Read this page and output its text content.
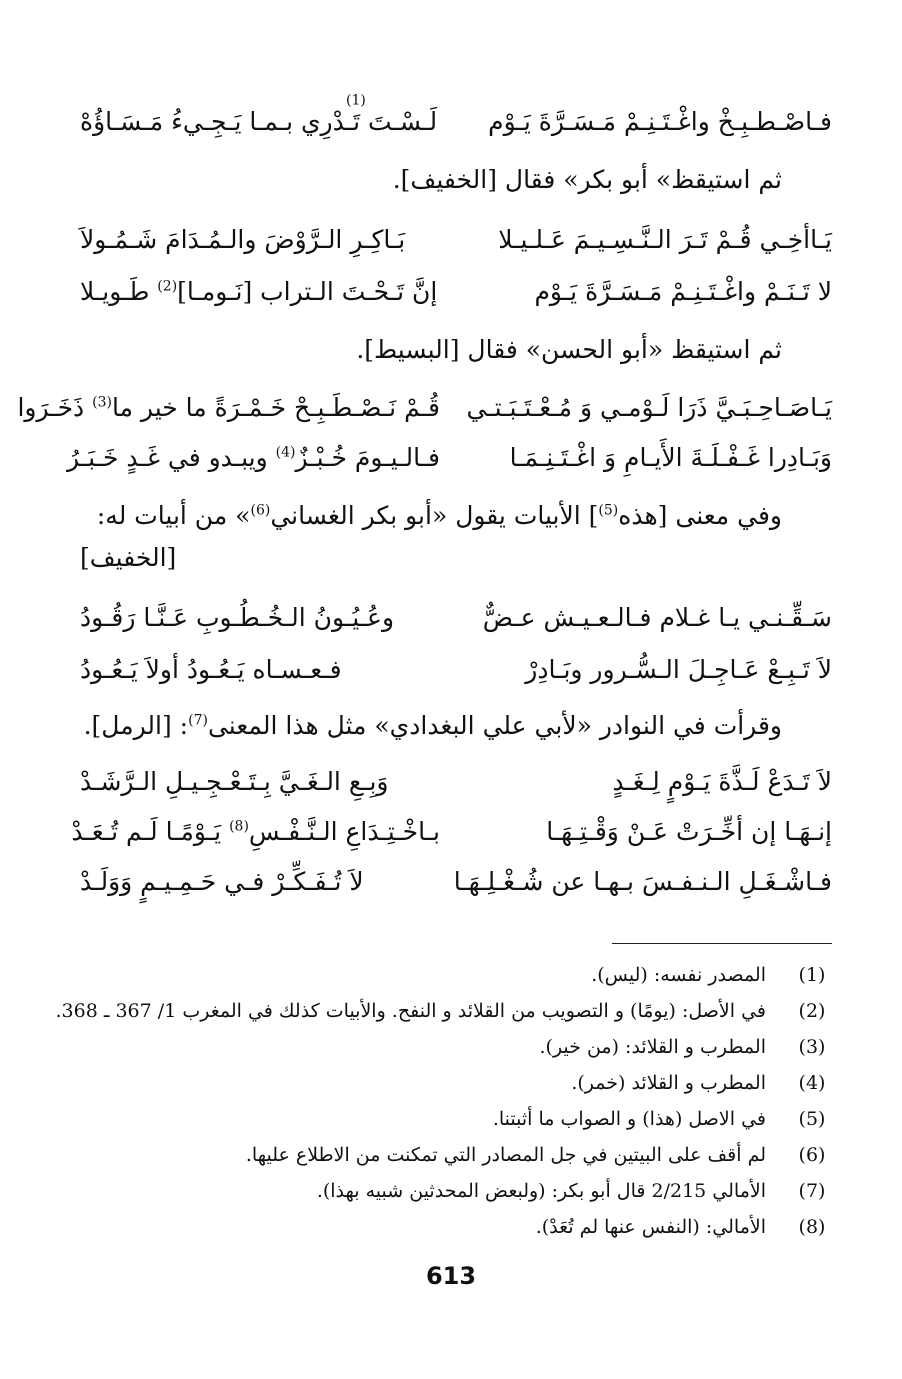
فـاصْـطـبِـخْ واغْـتَـنِـمْ مَـسَـرَّةَ يَـوْم
لَـسْـتَ تَـدْرِي بـمـا يَـجِـيءُ مَـسَـاؤُهْ
$^{(1)}$
ثم استيقظ» أبو بكر» فقال [الخفيف].
يَـاأخِـي قُـمْ تَـرَ الـنَّـسِـيـمَ عَـلـيـلا
بَـاكِـرِ الـرَّوْضَ والـمُـدَامَ شَـمُـولاَ
لا تَـنَـمْ واغْـتَـنِـمْ مَـسَـرَّةَ يَـوْم
إنَّ تَـحْـتَ الـتراب [نَـومـا]$^{(2)}$ طَـويـلا
ثم استيقظ «أبو الحسن» فقال [البسيط].
يَـاصَـاحِـبَـيَّ ذَرَا لَـوْمـي وَ مُـعْـتَـبَـتـي
قُـمْ نَـصْـطَـبِـحْ خَـمْـرَةً ما خير ما$^{(3)}$ ذَخَـرَوا
وَبَـادِرا غَـفْـلَـةَ الأَيـامِ وَ اغْـتَـنِـمَـا
فـالـيـومَ خُـبْـزٌ$^{(4)}$ ويبـدو في غَـدٍ خَـبَـرُ
وفي معنى [هذه$^{(5)}$] الأبيات يقول «أبو بكر الغساني$^{(6)}$» من أبيات له:
[الخفيف]
سَـقِّـنـي يـا غـلام فـالـعـيـش عـضٌّ
وعُـيُـونُ الـخُـطُـوبِ عَـنَّـا رَقُـودُ
لاَ تَـبِـعْ عَـاجِـلَ الـسُّـرور وبَـادِرْ
فـعـسـاه يَـعُـودُ أولاَ يَـعُـودُ
وقرأت في النوادر «لأبي علي البغدادي» مثل هذا المعنى$^{(7)}$: [الرمل].
لاَ تَـدَعْ لَـذَّةَ يَـوْمٍ لِـغَـدٍ
وَبِـعِ الـغَـيَّ بِـتَـعْـجِـيـلِ الـرَّشَـدْ
إنـهَـا إن أخِّـرَتْ عَـنْ وَقْـتِـهَـا
بـاخْـتِـدَاعِ الـنَّـفْـسِ$^{(8)}$ يَـوْمًـا لَـم تُـعَـدْ
فـاشْـغَـلِ الـنـفـسَ بـهـا عن شُـغْـلِـهَـا
لاَ تُـفَـكِّـرْ فـي حَـمِـيـمٍ وَوَلَـدْ
(1)
المصدر نفسه: (ليس).
(2)
في الأصل: (يومًا) و التصويب من القلائد و النفح. والأبيات كذلك في المغرب 1/ 367 ـ 368.
(3)
المطرب و القلائد: (من خير).
(4)
المطرب و القلائد (خمر).
(5)
في الاصل (هذا) و الصواب ما أثبتنا.
(6)
لم أقف على البيتين في جل المصادر التي تمكنت من الاطلاع عليها.
(7)
الأمالي 2/215 قال أبو بكر: (ولبعض المحدثين شبيه بهذا).
(8)
الأمالي: (النفس عنها لم تُعَدْ).
613
